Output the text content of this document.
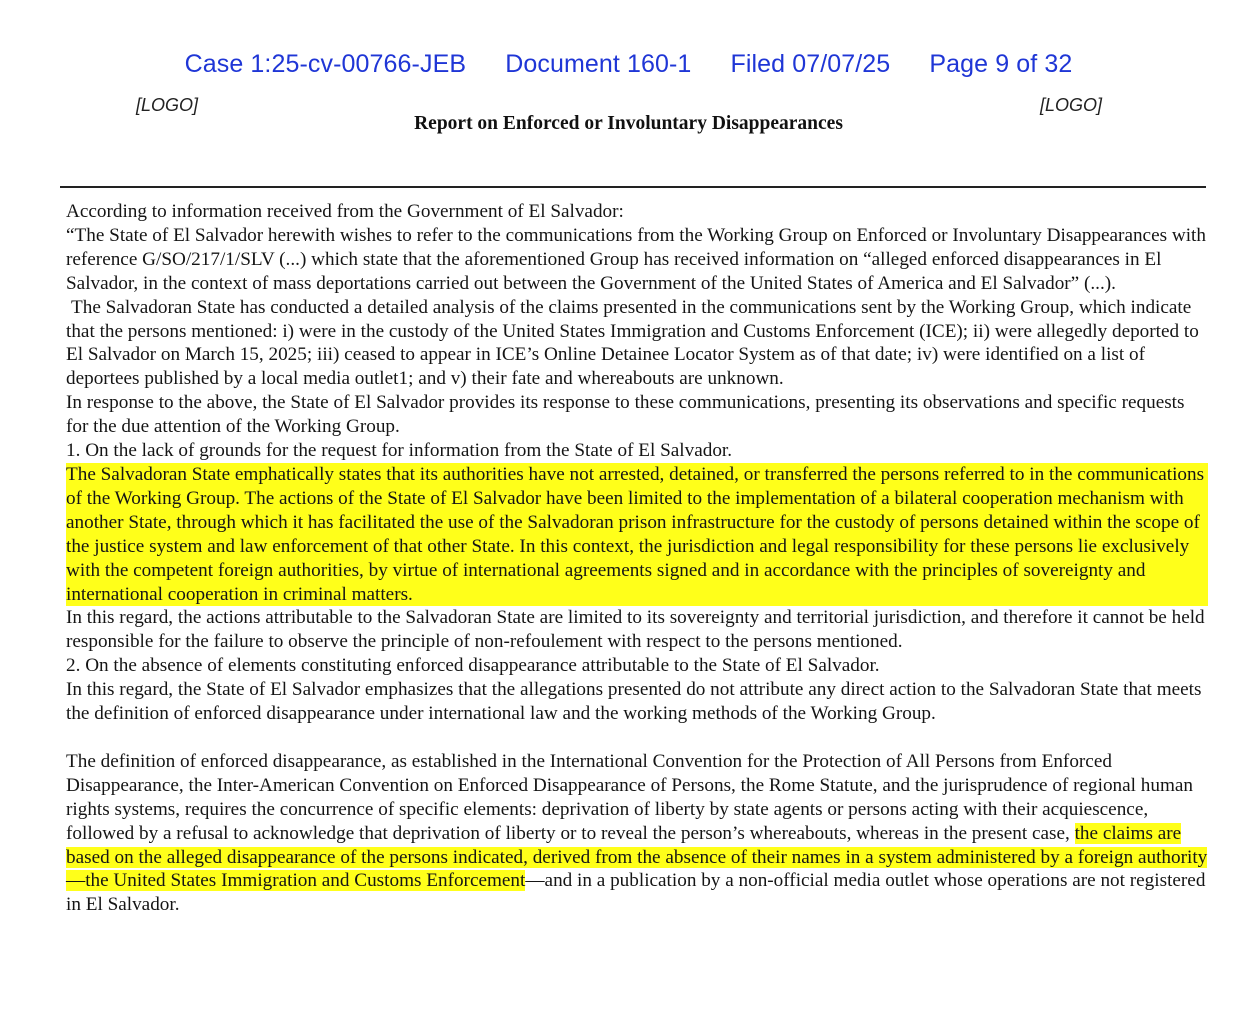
Case 1:25-cv-00766-JEB Document 160-1 Filed 07/07/25 Page 9 of 32
[LOGO]	[LOGO]
Report on Enforced or Involuntary Disappearances

According to information received from the Government of El Salvador:

“The State of El Salvador herewith wishes to refer to the communications from the Working Group on Enforced or Involuntary Disappearances with reference G/SO/217/1/SLV (...) which state that the aforementioned Group has received information on “alleged enforced disappearances in El Salvador, in the context of mass deportations carried out between the Government of the United States of America and El Salvador” (...).

The Salvadoran State has conducted a detailed analysis of the claims presented in the communications sent by the Working Group, which indicate that the persons mentioned: i) were in the custody of the United States Immigration and Customs Enforcement (ICE); ii) were allegedly deported to El Salvador on March 15, 2025; iii) ceased to appear in ICE’s Online Detainee Locator System as of that date; iv) were identified on a list of deportees published by a local media outlet1; and v) their fate and whereabouts are unknown.

In response to the above, the State of El Salvador provides its response to these communications, presenting its observations and specific requests for the due attention of the Working Group.

1. On the lack of grounds for the request for information from the State of El Salvador.

The Salvadoran State emphatically states that its authorities have not arrested, detained, or transferred the persons referred to in the communications of the Working Group. The actions of the State of El Salvador have been limited to the implementation of a bilateral cooperation mechanism with another State, through which it has facilitated the use of the Salvadoran prison infrastructure for the custody of persons detained within the scope of the justice system and law enforcement of that other State. In this context, the jurisdiction and legal responsibility for these persons lie exclusively with the competent foreign authorities, by virtue of international agreements signed and in accordance with the principles of sovereignty and international cooperation in criminal matters.

In this regard, the actions attributable to the Salvadoran State are limited to its sovereignty and territorial jurisdiction, and therefore it cannot be held responsible for the failure to observe the principle of non-refoulement with respect to the persons mentioned.

2. On the absence of elements constituting enforced disappearance attributable to the State of El Salvador.

In this regard, the State of El Salvador emphasizes that the allegations presented do not attribute any direct action to the Salvadoran State that meets the definition of enforced disappearance under international law and the working methods of the Working Group.

The definition of enforced disappearance, as established in the International Convention for the Protection of All Persons from Enforced Disappearance, the Inter-American Convention on Enforced Disappearance of Persons, the Rome Statute, and the jurisprudence of regional human rights systems, requires the concurrence of specific elements: deprivation of liberty by state agents or persons acting with their acquiescence, followed by a refusal to acknowledge that deprivation of liberty or to reveal the person’s whereabouts, whereas in the present case, the claims are based on the alleged disappearance of the persons indicated, derived from the absence of their names in a system administered by a foreign authority—the United States Immigration and Customs Enforcement—and in a publication by a non-official media outlet whose operations are not registered in El Salvador.
